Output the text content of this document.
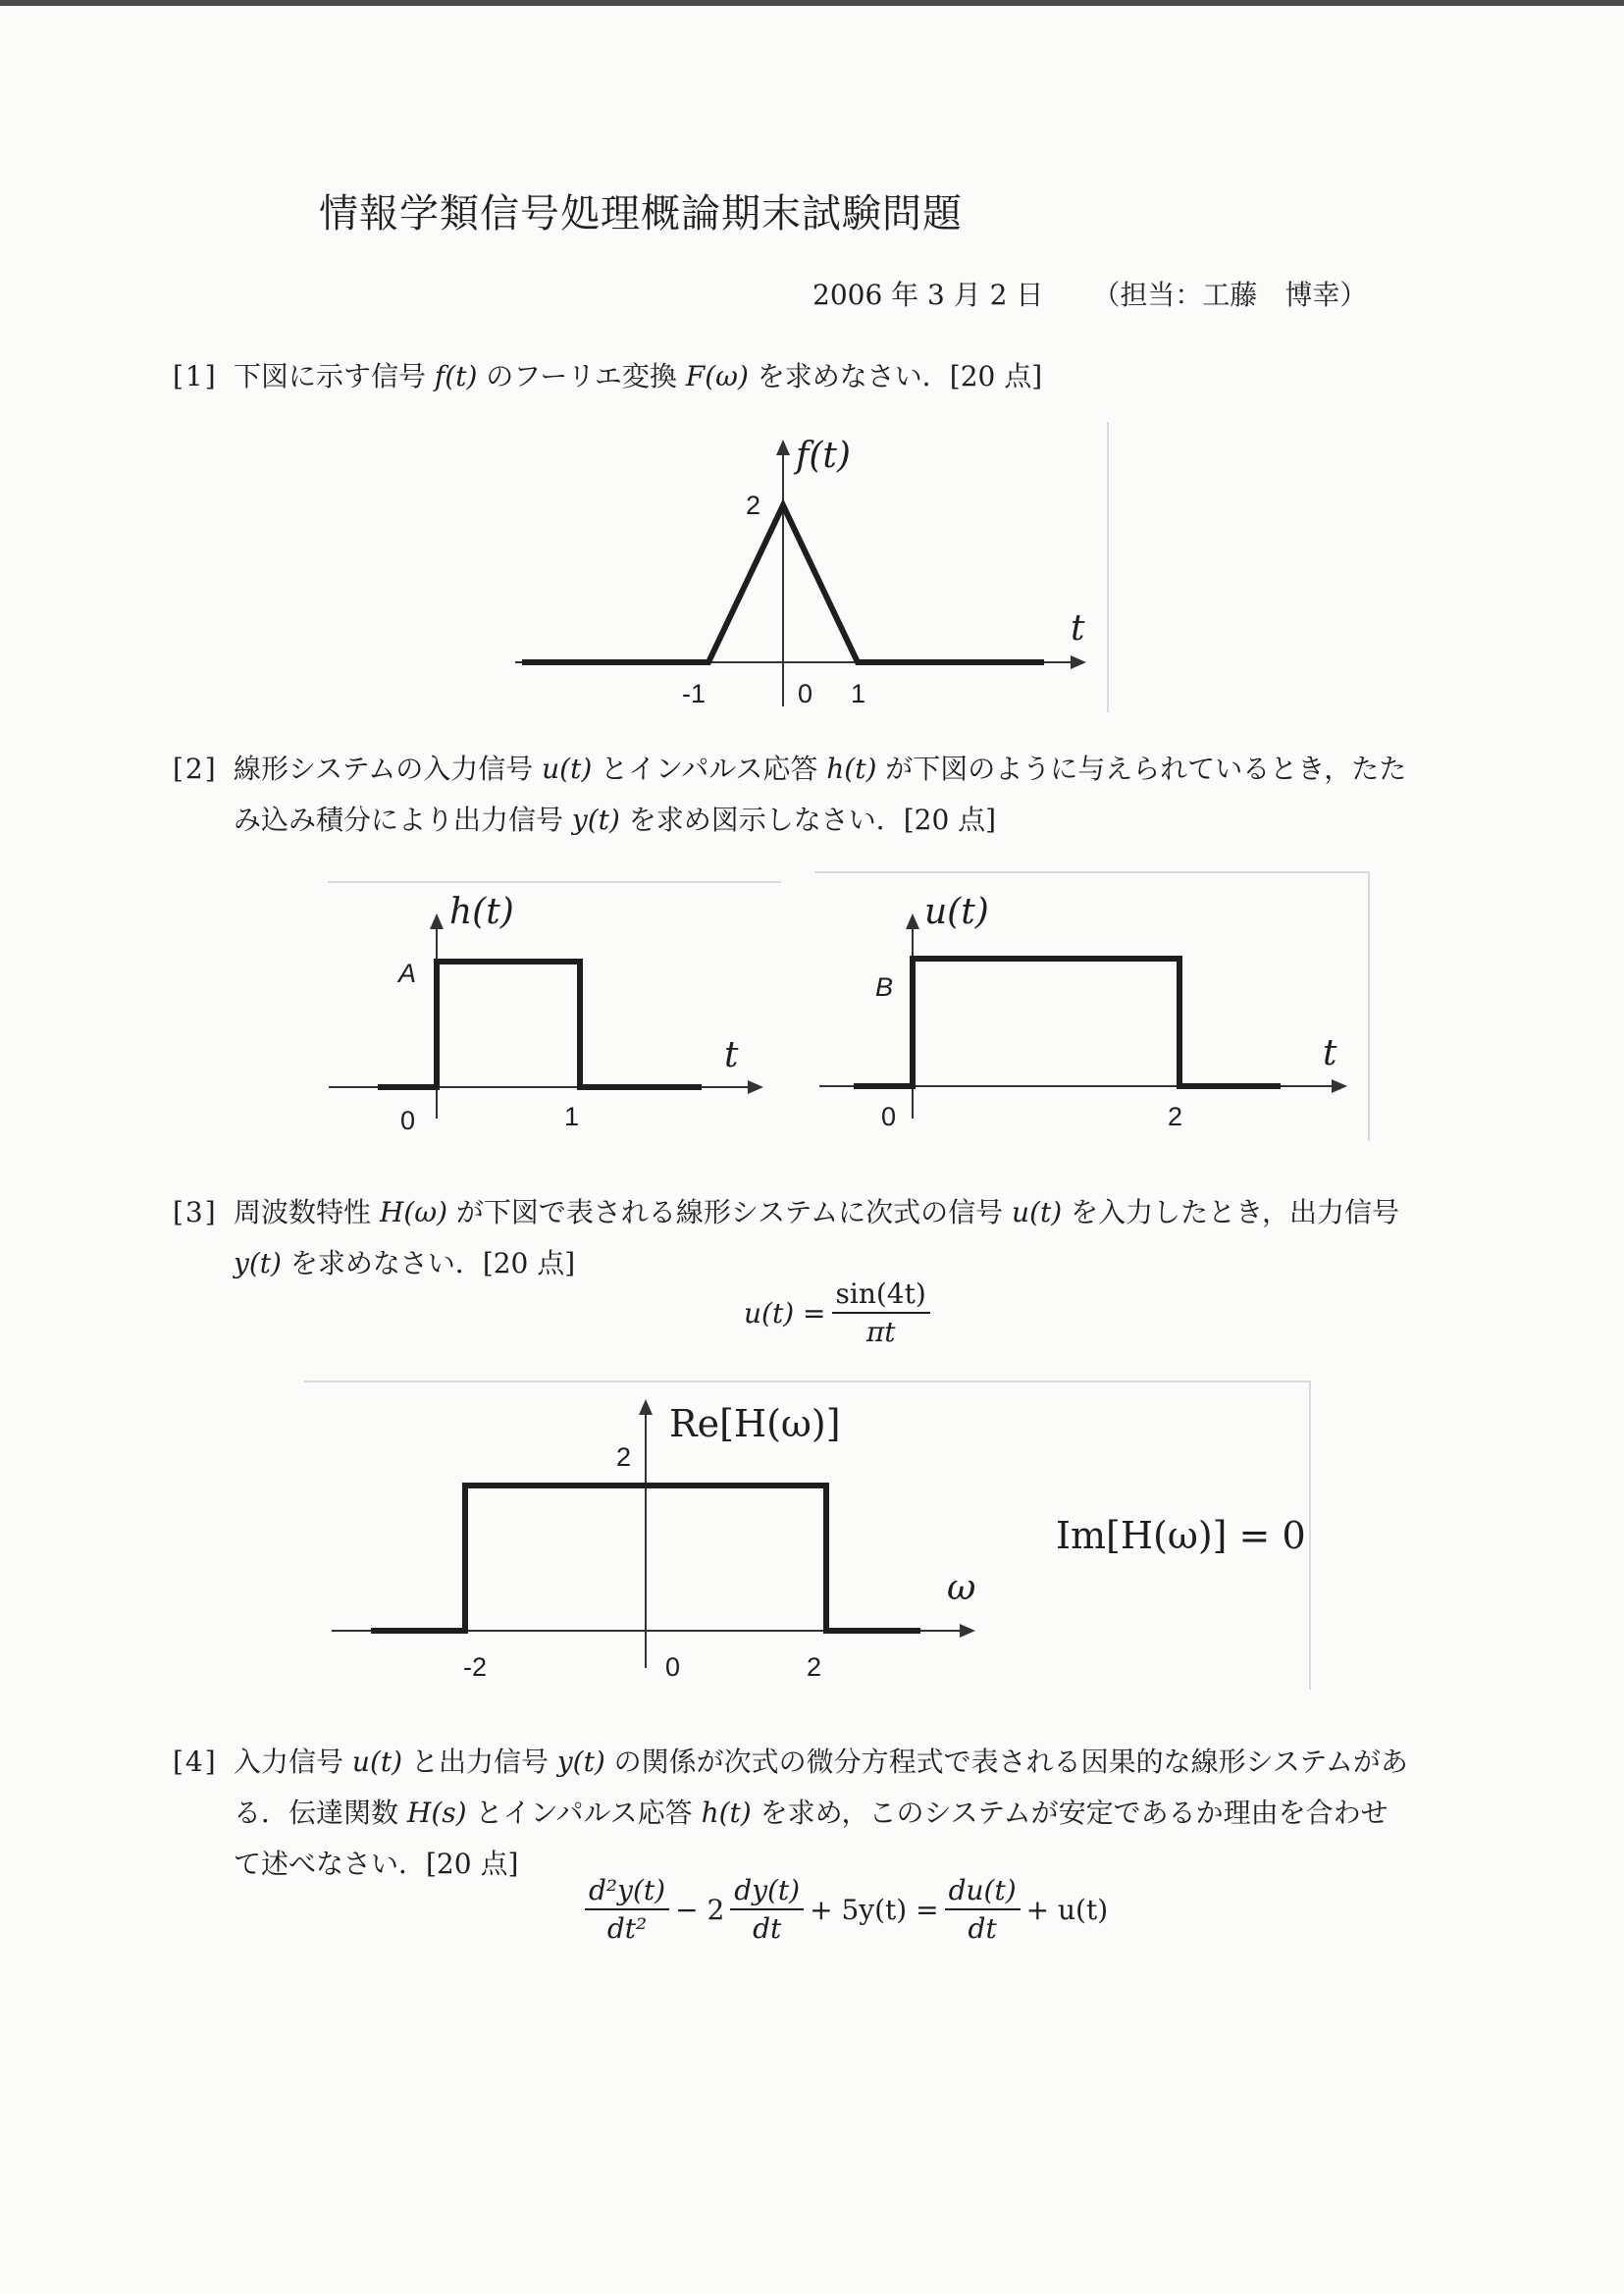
情報学類信号処理概論期末試験問題
2006 年 3 月 2 日 （担当：工藤　博幸）
[1] 下図に示す信号 f(t) のフーリエ変換 F(ω) を求めなさい．[20 点]
f(t)
t
2
-1	0 1
[2] 線形システムの入力信号 u(t) とインパルス応答 h(t) が下図のように与えられているとき，たた
み込み積分により出力信号 y(t) を求め図示しなさい．[20 点]
h(t)
t
A
0	1
u(t)
t
B
0	2
[3] 周波数特性 H(ω) が下図で表される線形システムに次式の信号 u(t) を入力したとき，出力信号
y(t) を求めなさい．[20 点]
$u(t) = \frac{\sin(4t)}{\pi t}$
Re[H(ω)]
ω
2
-2	0	2
Im[H(ω)] = 0
[4] 入力信号 u(t) と出力信号 y(t) の関係が次式の微分方程式で表される因果的な線形システムがあ
る．伝達関数 H(s) とインパルス応答 h(t) を求め，このシステムが安定であるか理由を合わせ
て述べなさい．[20 点]
$\frac{\text{d²y(t)}}{\text{dt²}} - 2 \frac{dy(t)}{dt} + 5y(t) = \frac{du(t)}{dt} + u(t)$
